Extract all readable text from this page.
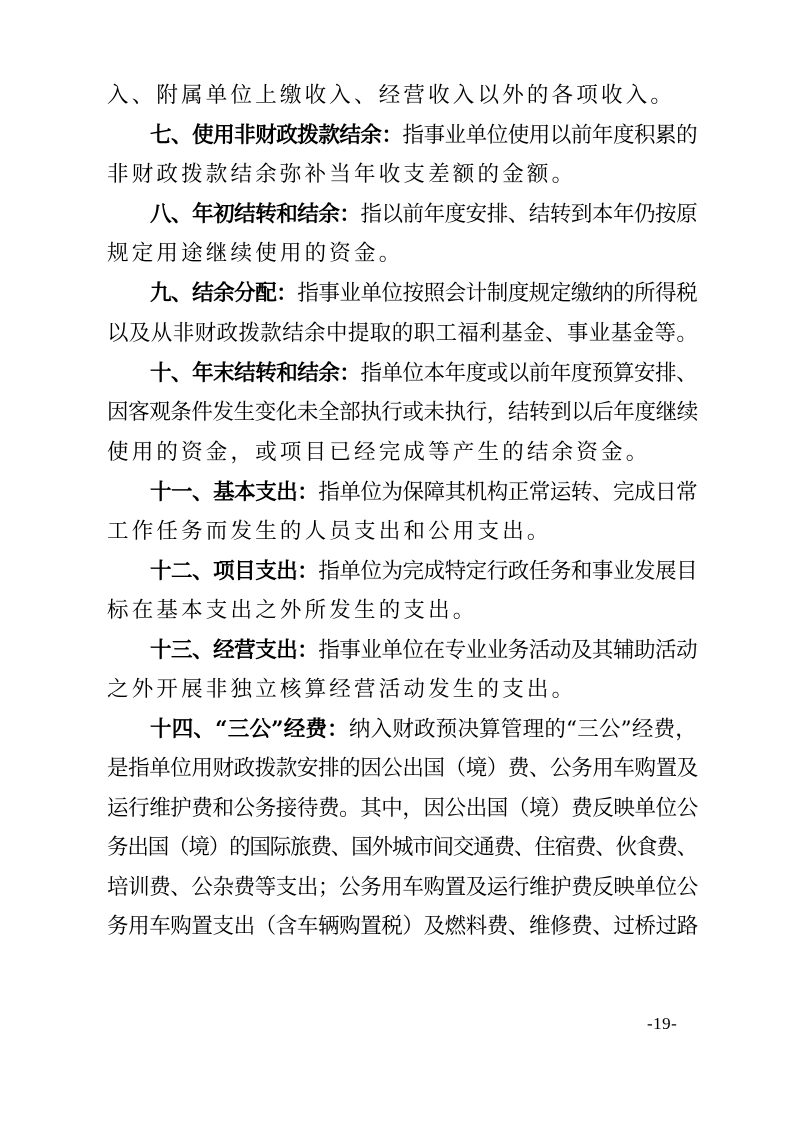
入、附属单位上缴收入、经营收入以外的各项收入。
七、使用非财政拨款结余：指事业单位使用以前年度积累的
非财政拨款结余弥补当年收支差额的金额。
八、年初结转和结余：指以前年度安排、结转到本年仍按原
规定用途继续使用的资金。
九、结余分配：指事业单位按照会计制度规定缴纳的所得税
以及从非财政拨款结余中提取的职工福利基金、事业基金等。
十、年末结转和结余：指单位本年度或以前年度预算安排、
因客观条件发生变化未全部执行或未执行，结转到以后年度继续
使用的资金，或项目已经完成等产生的结余资金。
十一、基本支出：指单位为保障其机构正常运转、完成日常
工作任务而发生的人员支出和公用支出。
十二、项目支出：指单位为完成特定行政任务和事业发展目
标在基本支出之外所发生的支出。
十三、经营支出：指事业单位在专业业务活动及其辅助活动
之外开展非独立核算经营活动发生的支出。
十四、“三公”经费：纳入财政预决算管理的“三公”经费，
是指单位用财政拨款安排的因公出国（境）费、公务用车购置及
运行维护费和公务接待费。其中，因公出国（境）费反映单位公
务出国（境）的国际旅费、国外城市间交通费、住宿费、伙食费、
培训费、公杂费等支出；公务用车购置及运行维护费反映单位公
务用车购置支出（含车辆购置税）及燃料费、维修费、过桥过路
-19-
